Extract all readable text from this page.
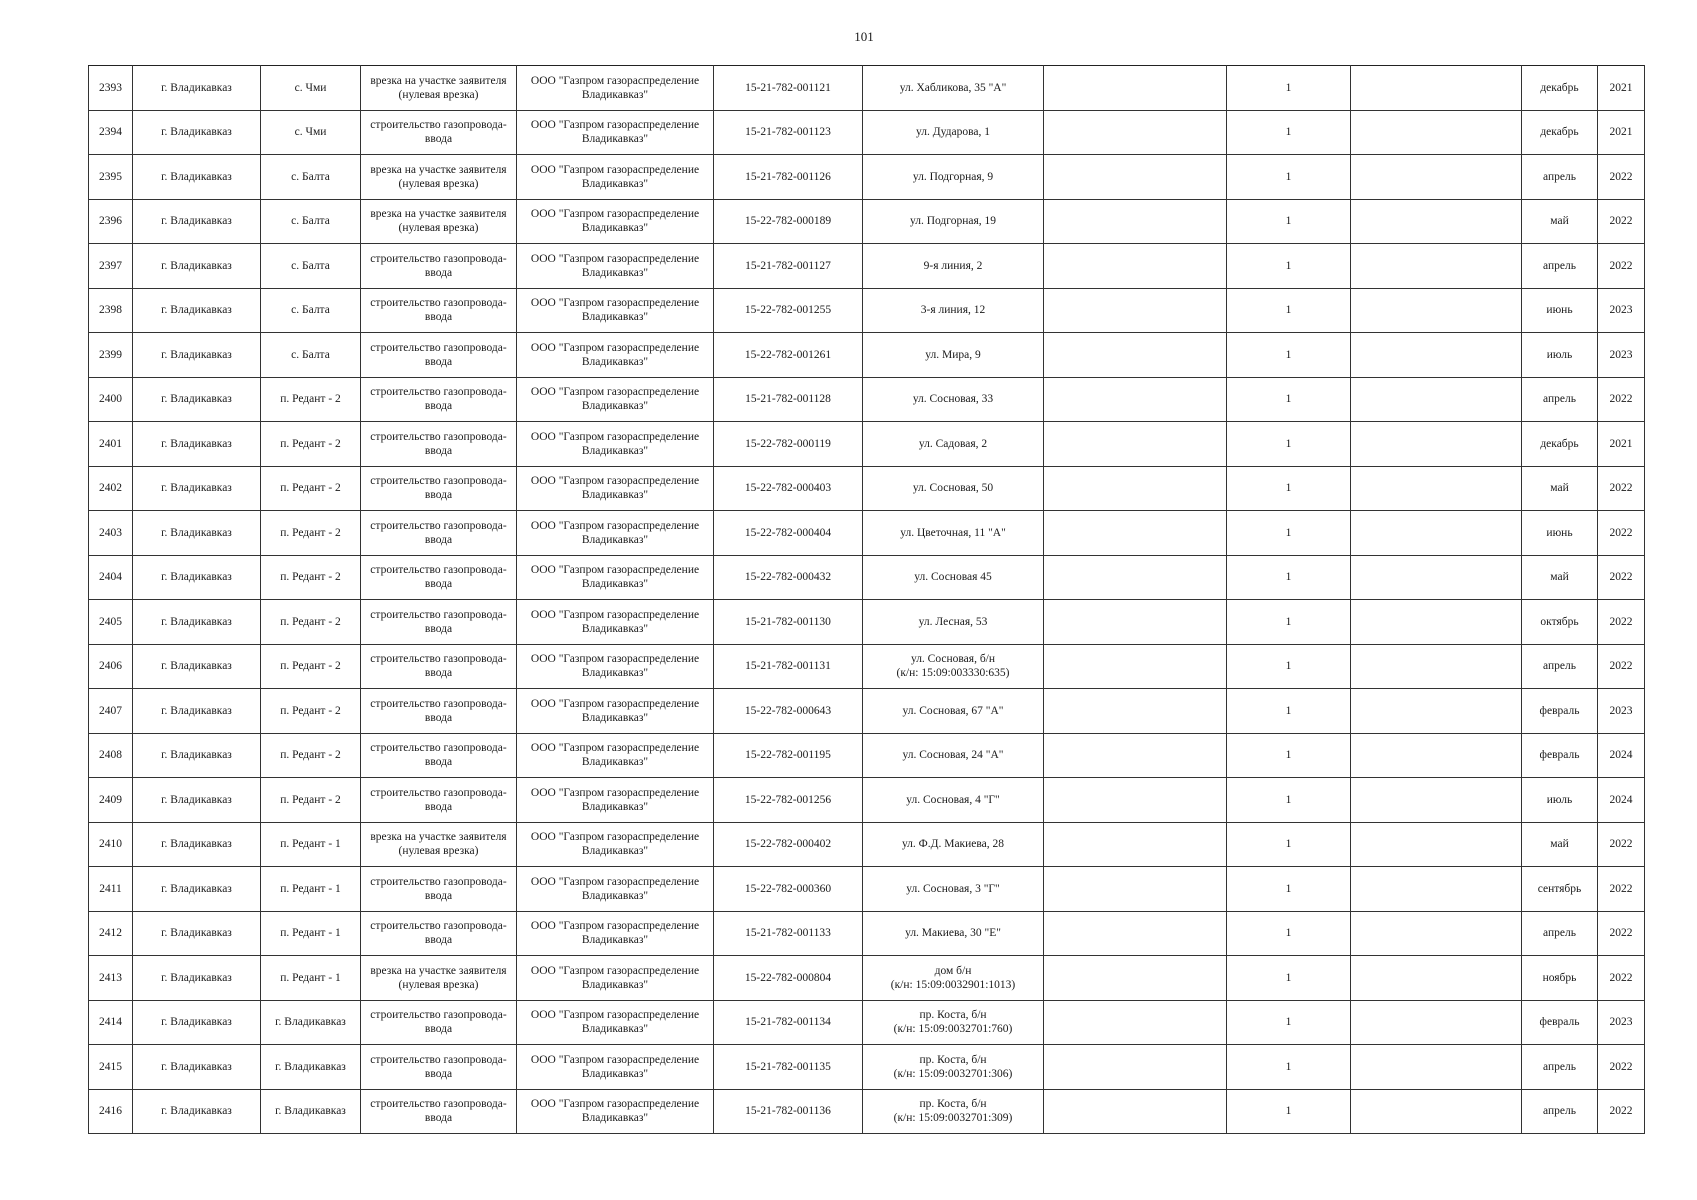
101
2393	г. Владикавказ	с. Чми	врезка на участке заявителя
(нулевая врезка)	ООО "Газпром газораспределение
Владикавказ"	15-21-782-001121	ул. Хабликова, 35 "А"		1		декабрь	2021
2394	г. Владикавказ	с. Чми	строительство газопровода-
ввода	ООО "Газпром газораспределение
Владикавказ"	15-21-782-001123	ул. Дударова, 1		1		декабрь	2021
2395	г. Владикавказ	с. Балта	врезка на участке заявителя
(нулевая врезка)	ООО "Газпром газораспределение
Владикавказ"	15-21-782-001126	ул. Подгорная, 9		1		апрель	2022
2396	г. Владикавказ	с. Балта	врезка на участке заявителя
(нулевая врезка)	ООО "Газпром газораспределение
Владикавказ"	15-22-782-000189	ул. Подгорная, 19		1		май	2022
2397	г. Владикавказ	с. Балта	строительство газопровода-
ввода	ООО "Газпром газораспределение
Владикавказ"	15-21-782-001127	9-я линия, 2		1		апрель	2022
2398	г. Владикавказ	с. Балта	строительство газопровода-
ввода	ООО "Газпром газораспределение
Владикавказ"	15-22-782-001255	3-я линия, 12		1		июнь	2023
2399	г. Владикавказ	с. Балта	строительство газопровода-
ввода	ООО "Газпром газораспределение
Владикавказ"	15-22-782-001261	ул. Мира, 9		1		июль	2023
2400	г. Владикавказ	п. Редант - 2	строительство газопровода-
ввода	ООО "Газпром газораспределение
Владикавказ"	15-21-782-001128	ул. Сосновая, 33		1		апрель	2022
2401	г. Владикавказ	п. Редант - 2	строительство газопровода-
ввода	ООО "Газпром газораспределение
Владикавказ"	15-22-782-000119	ул. Садовая, 2		1		декабрь	2021
2402	г. Владикавказ	п. Редант - 2	строительство газопровода-
ввода	ООО "Газпром газораспределение
Владикавказ"	15-22-782-000403	ул. Сосновая, 50		1		май	2022
2403	г. Владикавказ	п. Редант - 2	строительство газопровода-
ввода	ООО "Газпром газораспределение
Владикавказ"	15-22-782-000404	ул. Цветочная, 11 "А"		1		июнь	2022
2404	г. Владикавказ	п. Редант - 2	строительство газопровода-
ввода	ООО "Газпром газораспределение
Владикавказ"	15-22-782-000432	ул. Сосновая 45		1		май	2022
2405	г. Владикавказ	п. Редант - 2	строительство газопровода-
ввода	ООО "Газпром газораспределение
Владикавказ"	15-21-782-001130	ул. Лесная, 53		1		октябрь	2022
2406	г. Владикавказ	п. Редант - 2	строительство газопровода-
ввода	ООО "Газпром газораспределение
Владикавказ"	15-21-782-001131	ул. Сосновая, б/н
(к/н: 15:09:003330:635)		1		апрель	2022
2407	г. Владикавказ	п. Редант - 2	строительство газопровода-
ввода	ООО "Газпром газораспределение
Владикавказ"	15-22-782-000643	ул. Сосновая, 67 "А"		1		февраль	2023
2408	г. Владикавказ	п. Редант - 2	строительство газопровода-
ввода	ООО "Газпром газораспределение
Владикавказ"	15-22-782-001195	ул. Сосновая, 24 "А"		1		февраль	2024
2409	г. Владикавказ	п. Редант - 2	строительство газопровода-
ввода	ООО "Газпром газораспределение
Владикавказ"	15-22-782-001256	ул. Сосновая, 4 "Г"		1		июль	2024
2410	г. Владикавказ	п. Редант - 1	врезка на участке заявителя
(нулевая врезка)	ООО "Газпром газораспределение
Владикавказ"	15-22-782-000402	ул. Ф.Д. Макиева, 28		1		май	2022
2411	г. Владикавказ	п. Редант - 1	строительство газопровода-
ввода	ООО "Газпром газораспределение
Владикавказ"	15-22-782-000360	ул. Сосновая, 3 "Г"		1		сентябрь	2022
2412	г. Владикавказ	п. Редант - 1	строительство газопровода-
ввода	ООО "Газпром газораспределение
Владикавказ"	15-21-782-001133	ул. Макиева, 30 "Е"		1		апрель	2022
2413	г. Владикавказ	п. Редант - 1	врезка на участке заявителя
(нулевая врезка)	ООО "Газпром газораспределение
Владикавказ"	15-22-782-000804	дом б/н
(к/н: 15:09:0032901:1013)		1		ноябрь	2022
2414	г. Владикавказ	г. Владикавказ	строительство газопровода-
ввода	ООО "Газпром газораспределение
Владикавказ"	15-21-782-001134	пр. Коста, б/н
(к/н: 15:09:0032701:760)		1		февраль	2023
2415	г. Владикавказ	г. Владикавказ	строительство газопровода-
ввода	ООО "Газпром газораспределение
Владикавказ"	15-21-782-001135	пр. Коста, б/н
(к/н: 15:09:0032701:306)		1		апрель	2022
2416	г. Владикавказ	г. Владикавказ	строительство газопровода-
ввода	ООО "Газпром газораспределение
Владикавказ"	15-21-782-001136	пр. Коста, б/н
(к/н: 15:09:0032701:309)		1		апрель	2022
